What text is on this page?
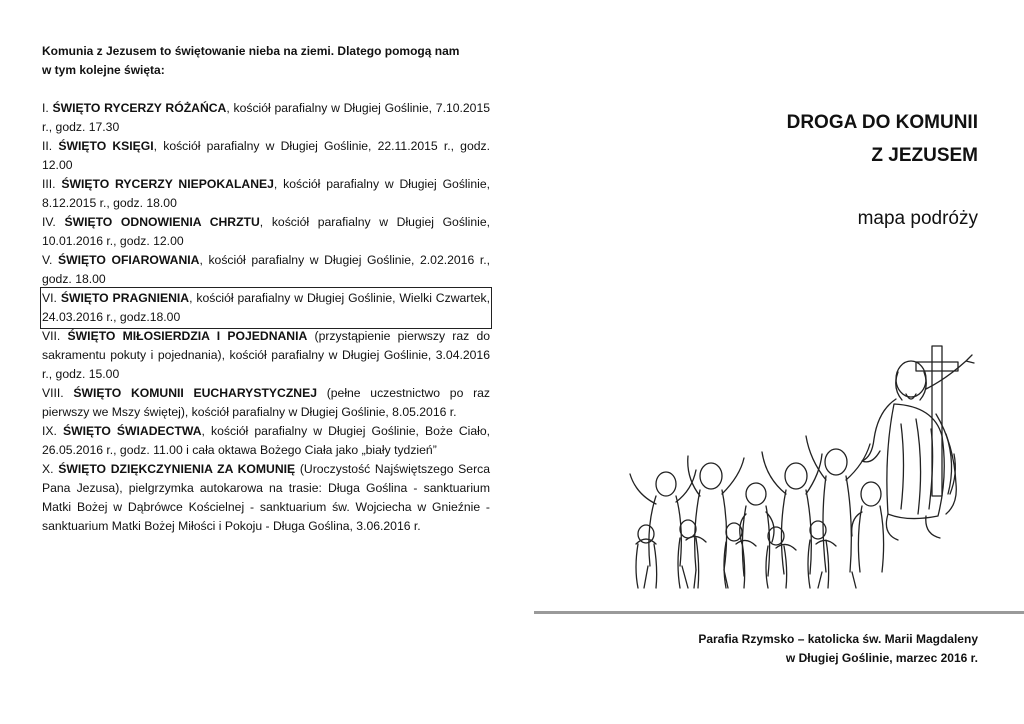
Komunia z Jezusem to świętowanie nieba na ziemi. Dlatego pomogą nam w tym kolejne święta:

I. ŚWIĘTO RYCERZY RÓŻAŃCA, kościół parafialny w Długiej Goślinie, 7.10.2015 r., godz. 17.30

II. ŚWIĘTO KSIĘGI, kościół parafialny w Długiej Goślinie, 22.11.2015 r., godz. 12.00

III. ŚWIĘTO RYCERZY NIEPOKALANEJ, kościół parafialny w Długiej Goślinie, 8.12.2015 r., godz. 18.00

IV. ŚWIĘTO ODNOWIENIA CHRZTU, kościół parafialny w Długiej Goślinie, 10.01.2016 r., godz. 12.00

V. ŚWIĘTO OFIAROWANIA, kościół parafialny w Długiej Goślinie, 2.02.2016 r., godz. 18.00

VI. ŚWIĘTO PRAGNIENIA, kościół parafialny w Długiej Goślinie, Wielki Czwartek, 24.03.2016 r., godz.18.00

VII. ŚWIĘTO MIŁOSIERDZIA I POJEDNANIA (przystąpienie pierwszy raz do sakramentu pokuty i pojednania), kościół parafialny w Długiej Goślinie, 3.04.2016 r., godz. 15.00

VIII. ŚWIĘTO KOMUNII EUCHARYSTYCZNEJ (pełne uczestnictwo po raz pierwszy we Mszy świętej), kościół parafialny w Długiej Goślinie, 8.05.2016 r.

IX. ŚWIĘTO ŚWIADECTWA, kościół parafialny w Długiej Goślinie, Boże Ciało, 26.05.2016 r., godz. 11.00 i cała oktawa Bożego Ciała jako „biały tydzień”

X. ŚWIĘTO DZIĘKCZYNIENIA ZA KOMUNIĘ (Uroczystość Najświętszego Serca Pana Jezusa), pielgrzymka autokarowa na trasie: Długa Goślina - sanktuarium Matki Bożej w Dąbrówce Kościelnej - sanktuarium św. Wojciecha w Gnieźnie - sanktuarium Matki Bożej Miłości i Pokoju - Długa Goślina, 3.06.2016 r.

DROGA DO KOMUNII
Z JEZUSEM
mapa podróży
Parafia Rzymsko – katolicka św. Marii Magdaleny
w Długiej Goślinie, marzec 2016 r.
